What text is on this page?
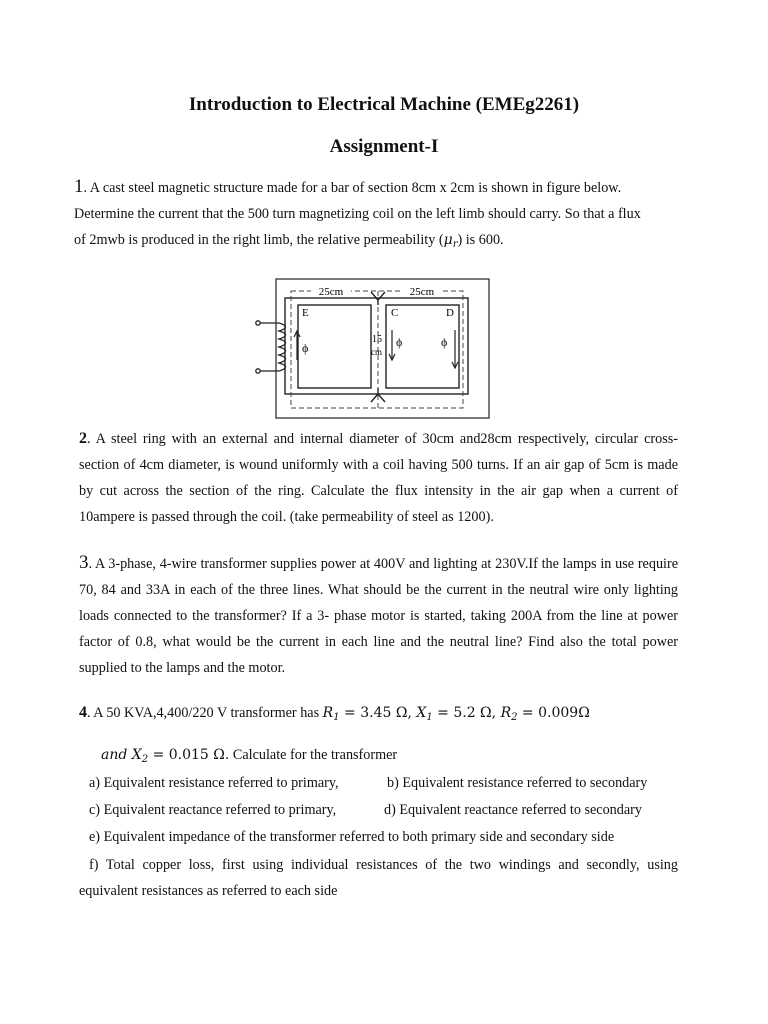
Introduction to Electrical Machine (EMEg2261)
Assignment-I
1. A cast steel magnetic structure made for a bar of section 8cm x 2cm is shown in figure below.
Determine the current that the 500 turn magnetizing coil on the left limb should carry. So that a flux
of 2mwb is produced in the right limb, the relative permeability $(\mu_r)$ is 600.
25cm	25cm
E	C	D
15
cm
ϕ	ϕ	ϕ
2. A steel ring with an external and internal diameter of 30cm and28cm respectively, circular cross-section of 4cm diameter, is wound uniformly with a coil having 500 turns. If an air gap of 5cm is made by cut across the section of the ring. Calculate the flux intensity in the air gap when a current of 10ampere is passed through the coil. (take permeability of steel as 1200).
3. A 3-phase, 4-wire transformer supplies power at 400V and lighting at 230V.If the lamps in use require 70, 84 and 33A in each of the three lines. What should be the current in the neutral wire only lighting loads connected to the transformer? If a 3- phase motor is started, taking 200A from the line at power factor of 0.8, what would be the current in each line and the neutral line? Find also the total power supplied to the lamps and the motor.
4. A 50 KVA,4,400/220 V transformer has $R_1 = 3.45$ Ω, $X_1 = 5.2$ Ω, $R_2 = 0.009\Omega$
and $X_2 = 0.015$ Ω. Calculate for the transformer
a) Equivalent resistance referred to primary,	b) Equivalent resistance referred to secondary
c) Equivalent reactance referred to primary,	d) Equivalent reactance referred to secondary
e) Equivalent impedance of the transformer referred to both primary side and secondary side
f) Total copper loss, first using individual resistances of the two windings and secondly, using
equivalent resistances as referred to each side
